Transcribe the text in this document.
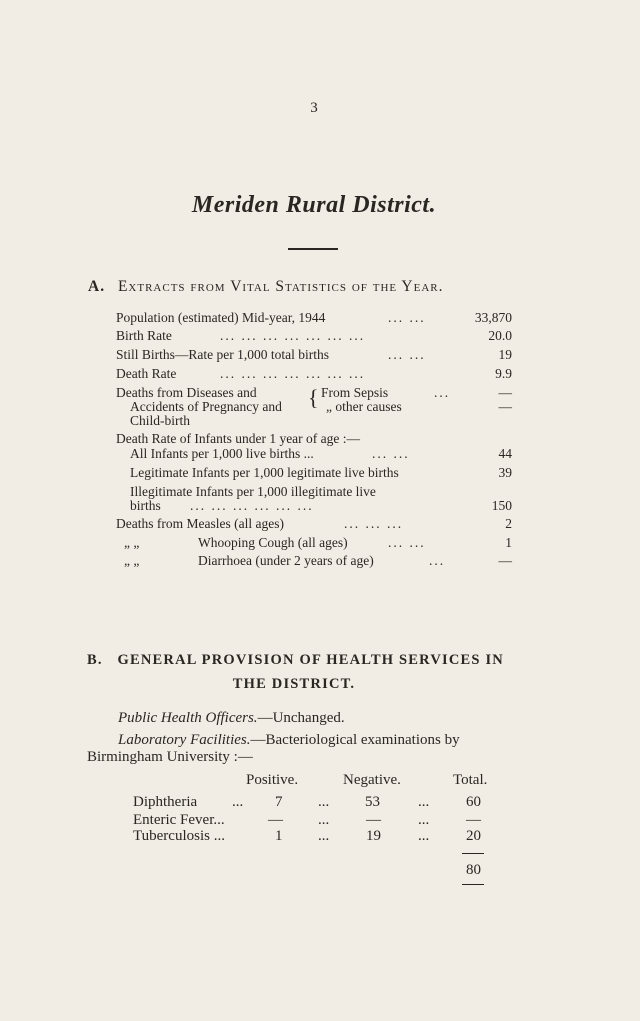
3
Meriden Rural District.
A. Extracts from Vital Statistics of the Year.
Population (estimated) Mid-year, 1944	... ...	33,870
Birth Rate	... ... ... ... ... ... ...	20.0
Still Births—Rate per 1,000 total births	... ...	19
Death Rate	... ... ... ... ... ... ...	9.9
Deaths from Diseases and
Accidents of Pregnancy and
Child-birth
{ From Sepsis	...	—
„ other causes	—
Death Rate of Infants under 1 year of age :—
All Infants per 1,000 live births ...	... ...	44
Legitimate Infants per 1,000 legitimate live births	39
Illegitimate Infants per 1,000 illegitimate live
births ... ... ... ... ... ...	150
Deaths from Measles (all ages)	... ... ...	2
„ „	Whooping Cough (all ages)	... ...	1
„ „	Diarrhoea (under 2 years of age)	...	—
B. GENERAL PROVISION OF HEALTH SERVICES IN
THE DISTRICT.
Public Health Officers.—Unchanged.
Laboratory Facilities.—Bacteriological examinations by
Birmingham University :—
Positive.	Negative.	Total.
Diphtheria ... 7 ... 53	... 60
Enteric Fever...	— ... — ... —
Tuberculosis ...	1 ... 19 ... 20
80
